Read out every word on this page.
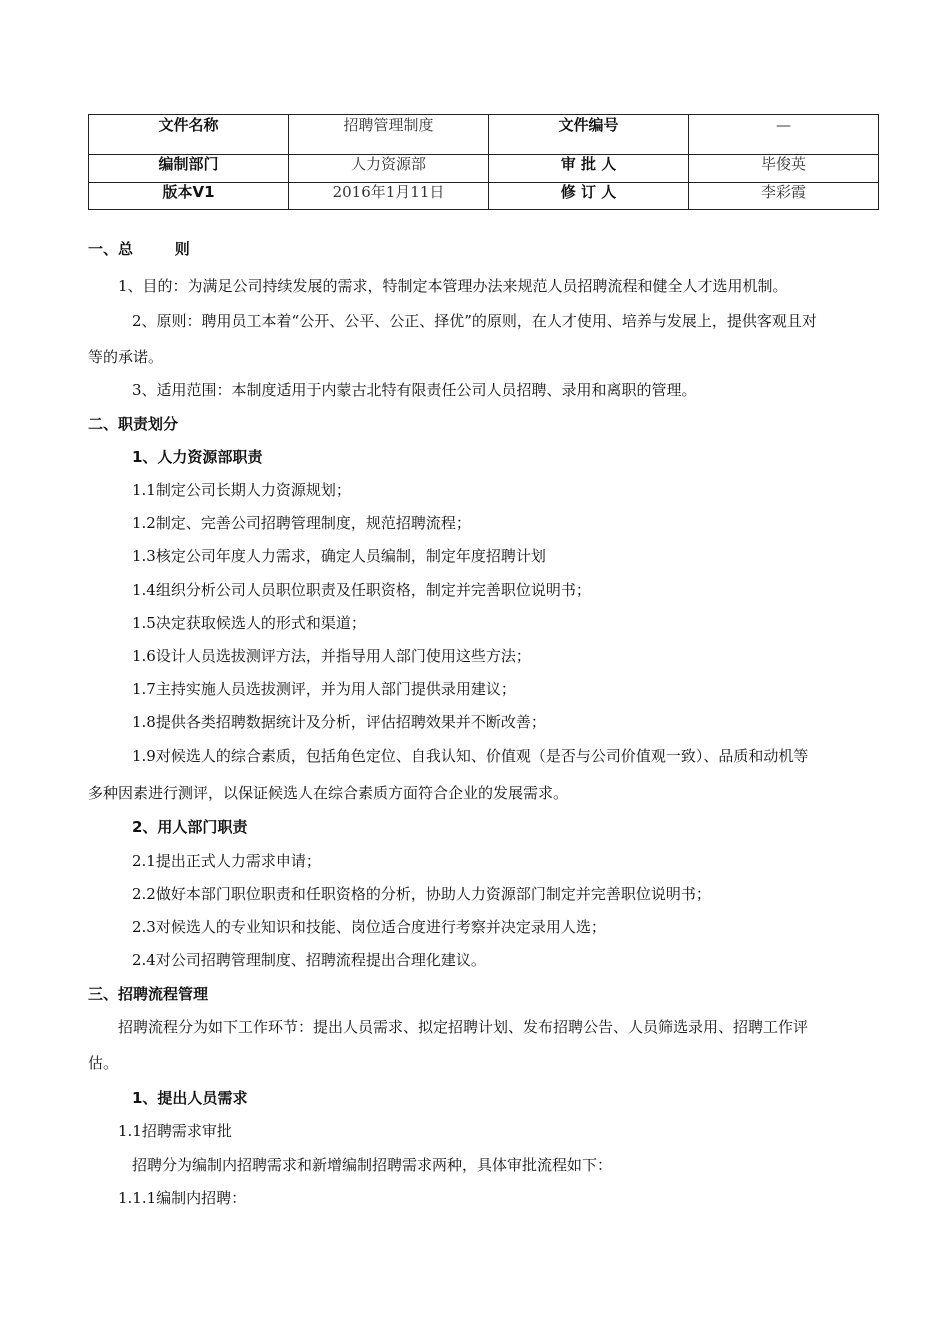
文件名称	招聘管理制度	文件编号	—
编制部门	人力资源部	审 批 人	毕俊英
版本V1	2016年1月11日	修 订 人	李彩霞
一、总        则
1、目的：为满足公司持续发展的需求，特制定本管理办法来规范人员招聘流程和健全人才选用机制。
2、原则：聘用员工本着“公开、公平、公正、择优”的原则，在人才使用、培养与发展上，提供客观且对
等的承诺。
3、适用范围：本制度适用于内蒙古北特有限责任公司人员招聘、录用和离职的管理。
二、职责划分
1、人力资源部职责
1.1制定公司长期人力资源规划；
1.2制定、完善公司招聘管理制度，规范招聘流程；
1.3核定公司年度人力需求，确定人员编制，制定年度招聘计划
1.4组织分析公司人员职位职责及任职资格，制定并完善职位说明书；
1.5决定获取候选人的形式和渠道；
1.6设计人员选拔测评方法，并指导用人部门使用这些方法；
1.7主持实施人员选拔测评，并为用人部门提供录用建议；
1.8提供各类招聘数据统计及分析，评估招聘效果并不断改善；
1.9对候选人的综合素质，包括角色定位、自我认知、价值观（是否与公司价值观一致）、品质和动机等
多种因素进行测评，以保证候选人在综合素质方面符合企业的发展需求。
2、用人部门职责
2.1提出正式人力需求申请；
2.2做好本部门职位职责和任职资格的分析，协助人力资源部门制定并完善职位说明书；
2.3对候选人的专业知识和技能、岗位适合度进行考察并决定录用人选；
2.4对公司招聘管理制度、招聘流程提出合理化建议。
三、招聘流程管理
招聘流程分为如下工作环节：提出人员需求、拟定招聘计划、发布招聘公告、人员筛选录用、招聘工作评
估。
1、提出人员需求
1.1招聘需求审批
招聘分为编制内招聘需求和新增编制招聘需求两种，具体审批流程如下：
1.1.1编制内招聘：
